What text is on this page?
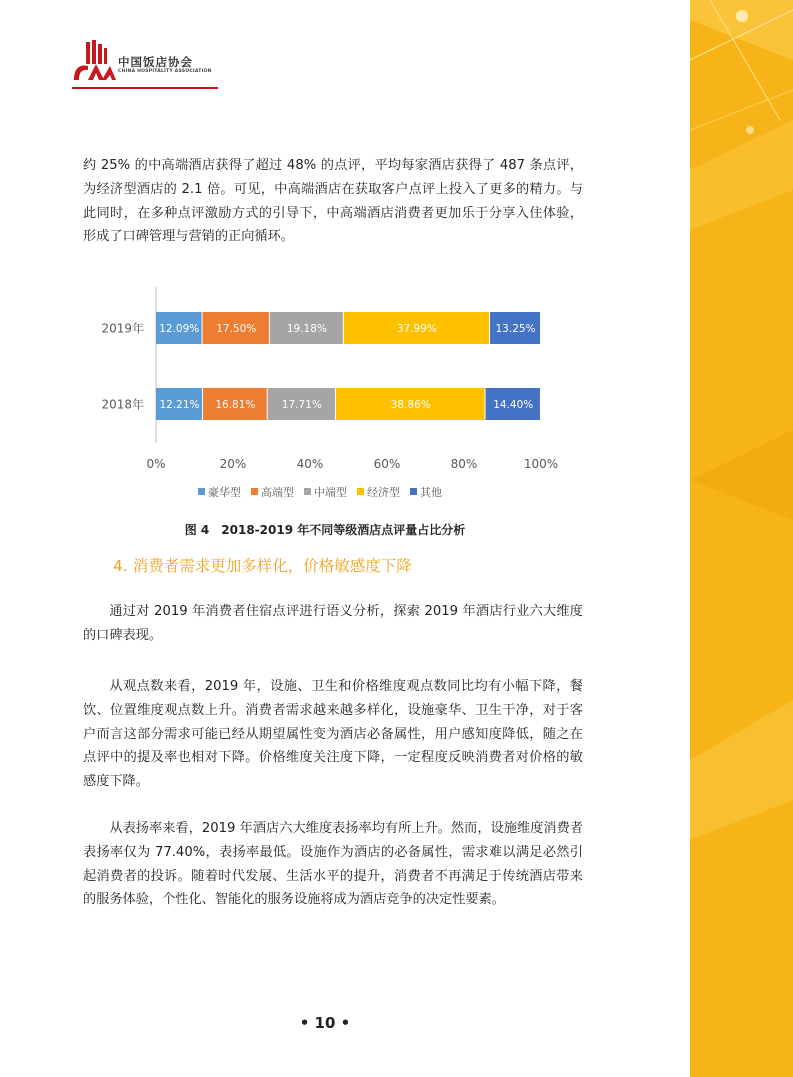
中国饭店协会
CHINA HOSPITALITY ASSOCIATION

约 25% 的中高端酒店获得了超过 48% 的点评，平均每家酒店获得了 487 条点评，为经济型酒店的 2.1 倍。可见，中高端酒店在获取客户点评上投入了更多的精力。与此同时，在多种点评激励方式的引导下，中高端酒店消费者更加乐于分享入住体验，形成了口碑管理与营销的正向循环。

2019年 12.09% 17.50%	19.18%	37.99%	13.25%
2018年 12.21% 16.81%	17.71%	38.86%	14.40%
0%	20%	40%	60%	80%	100%
豪华型 高端型 中端型 经济型 其他
图 4　2018-2019 年不同等级酒店点评量占比分析
4. 消费者需求更加多样化，价格敏感度下降

通过对 2019 年消费者住宿点评进行语义分析，探索 2019 年酒店行业六大维度的口碑表现。

从观点数来看，2019 年，设施、卫生和价格维度观点数同比均有小幅下降，餐饮、位置维度观点数上升。消费者需求越来越多样化，设施豪华、卫生干净，对于客户而言这部分需求可能已经从期望属性变为酒店必备属性，用户感知度降低，随之在点评中的提及率也相对下降。价格维度关注度下降，一定程度反映消费者对价格的敏感度下降。

从表扬率来看，2019 年酒店六大维度表扬率均有所上升。然而，设施维度消费者表扬率仅为 77.40%，表扬率最低。设施作为酒店的必备属性，需求难以满足必然引起消费者的投诉。随着时代发展、生活水平的提升，消费者不再满足于传统酒店带来的服务体验，个性化、智能化的服务设施将成为酒店竞争的决定性要素。

• 10 •
